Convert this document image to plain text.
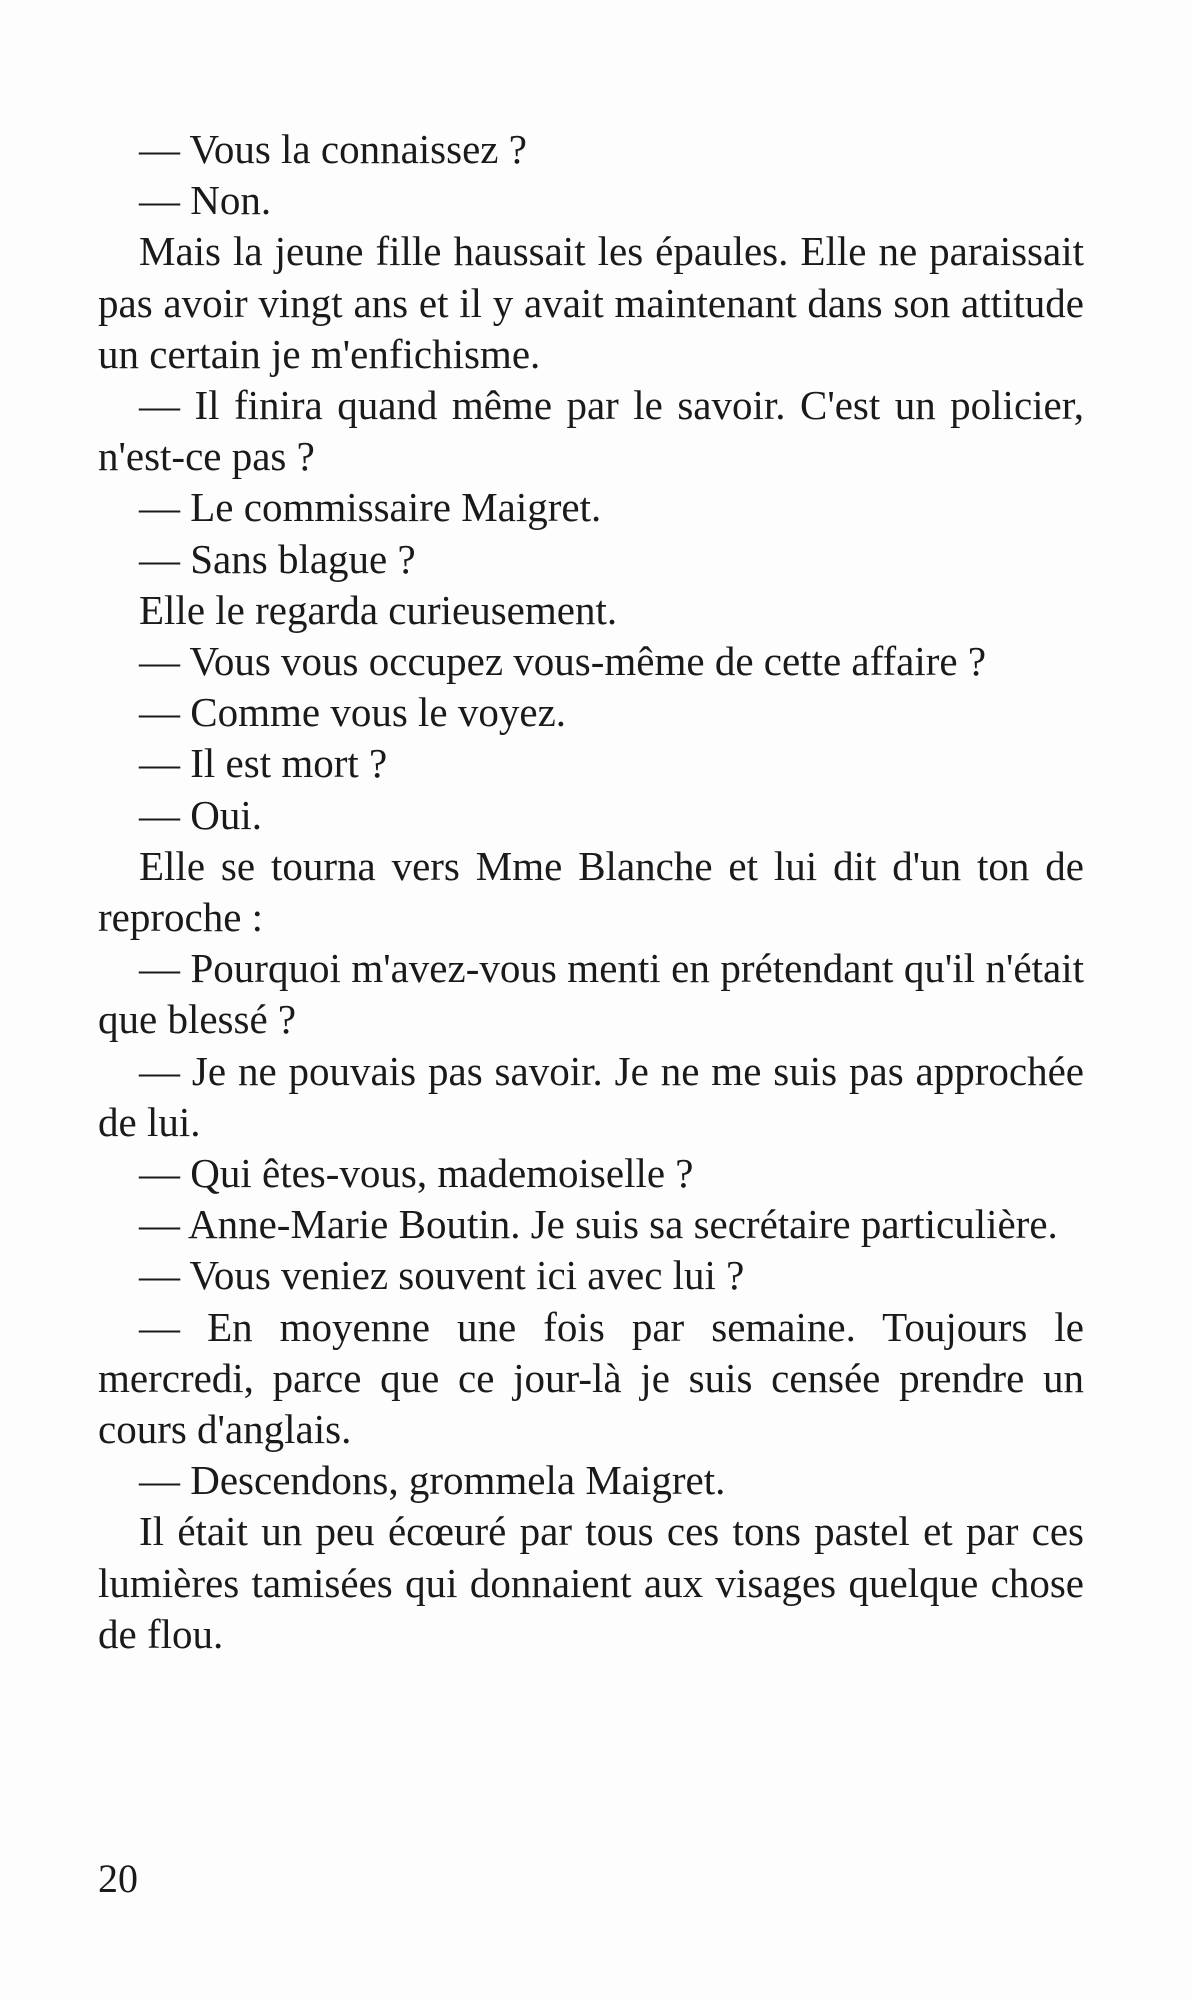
— Vous la connaissez ?

— Non.

Mais la jeune fille haussait les épaules. Elle ne paraissait pas avoir vingt ans et il y avait maintenant dans son attitude un certain je m'enfichisme.

— Il finira quand même par le savoir. C'est un policier, n'est-ce pas ?

— Le commissaire Maigret.

— Sans blague ?

Elle le regarda curieusement.

— Vous vous occupez vous-même de cette affaire ?

— Comme vous le voyez.

— Il est mort ?

— Oui.

Elle se tourna vers Mme Blanche et lui dit d'un ton de reproche :

— Pourquoi m'avez-vous menti en prétendant qu'il n'était que blessé ?

— Je ne pouvais pas savoir. Je ne me suis pas approchée de lui.

— Qui êtes-vous, mademoiselle ?

— Anne-Marie Boutin. Je suis sa secrétaire particulière.

— Vous veniez souvent ici avec lui ?

— En moyenne une fois par semaine. Toujours le mercredi, parce que ce jour-là je suis censée prendre un cours d'anglais.

— Descendons, grommela Maigret.

Il était un peu écœuré par tous ces tons pastel et par ces lumières tamisées qui donnaient aux visages quelque chose de flou.

20
